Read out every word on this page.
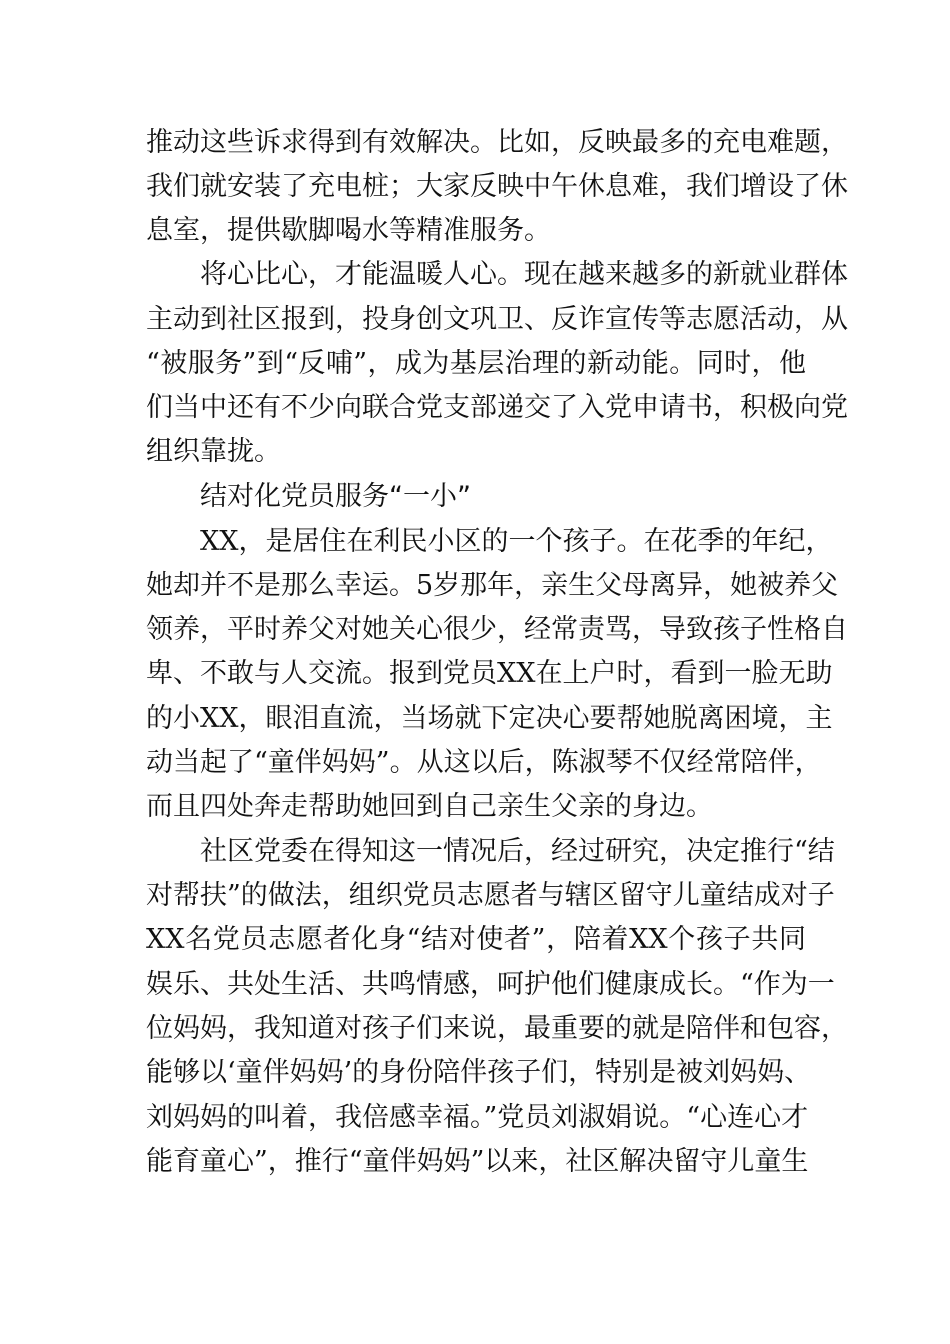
推动这些诉求得到有效解决。比如，反映最多的充电难题，
我们就安装了充电桩；大家反映中午休息难，我们增设了休
息室，提供歇脚喝水等精准服务。
将心比心，才能温暖人心。现在越来越多的新就业群体
主动到社区报到，投身创文巩卫、反诈宣传等志愿活动，从
“被服务”到“反哺”，成为基层治理的新动能。同时，他
们当中还有不少向联合党支部递交了入党申请书，积极向党
组织靠拢。
结对化党员服务“一小”
XX，是居住在利民小区的一个孩子。在花季的年纪，
她却并不是那么幸运。5岁那年，亲生父母离异，她被养父
领养，平时养父对她关心很少，经常责骂，导致孩子性格自
卑、不敢与人交流。报到党员XX在上户时，看到一脸无助
的小XX，眼泪直流，当场就下定决心要帮她脱离困境，主
动当起了“童伴妈妈”。从这以后，陈淑琴不仅经常陪伴，
而且四处奔走帮助她回到自己亲生父亲的身边。
社区党委在得知这一情况后，经过研究，决定推行“结
对帮扶”的做法，组织党员志愿者与辖区留守儿童结成对子
XX名党员志愿者化身“结对使者”，陪着XX个孩子共同
娱乐、共处生活、共鸣情感，呵护他们健康成长。“作为一
位妈妈，我知道对孩子们来说，最重要的就是陪伴和包容，
能够以‘童伴妈妈’的身份陪伴孩子们，特别是被刘妈妈、
刘妈妈的叫着，我倍感幸福。”党员刘淑娟说。“心连心才
能育童心”，推行“童伴妈妈”以来，社区解决留守儿童生
